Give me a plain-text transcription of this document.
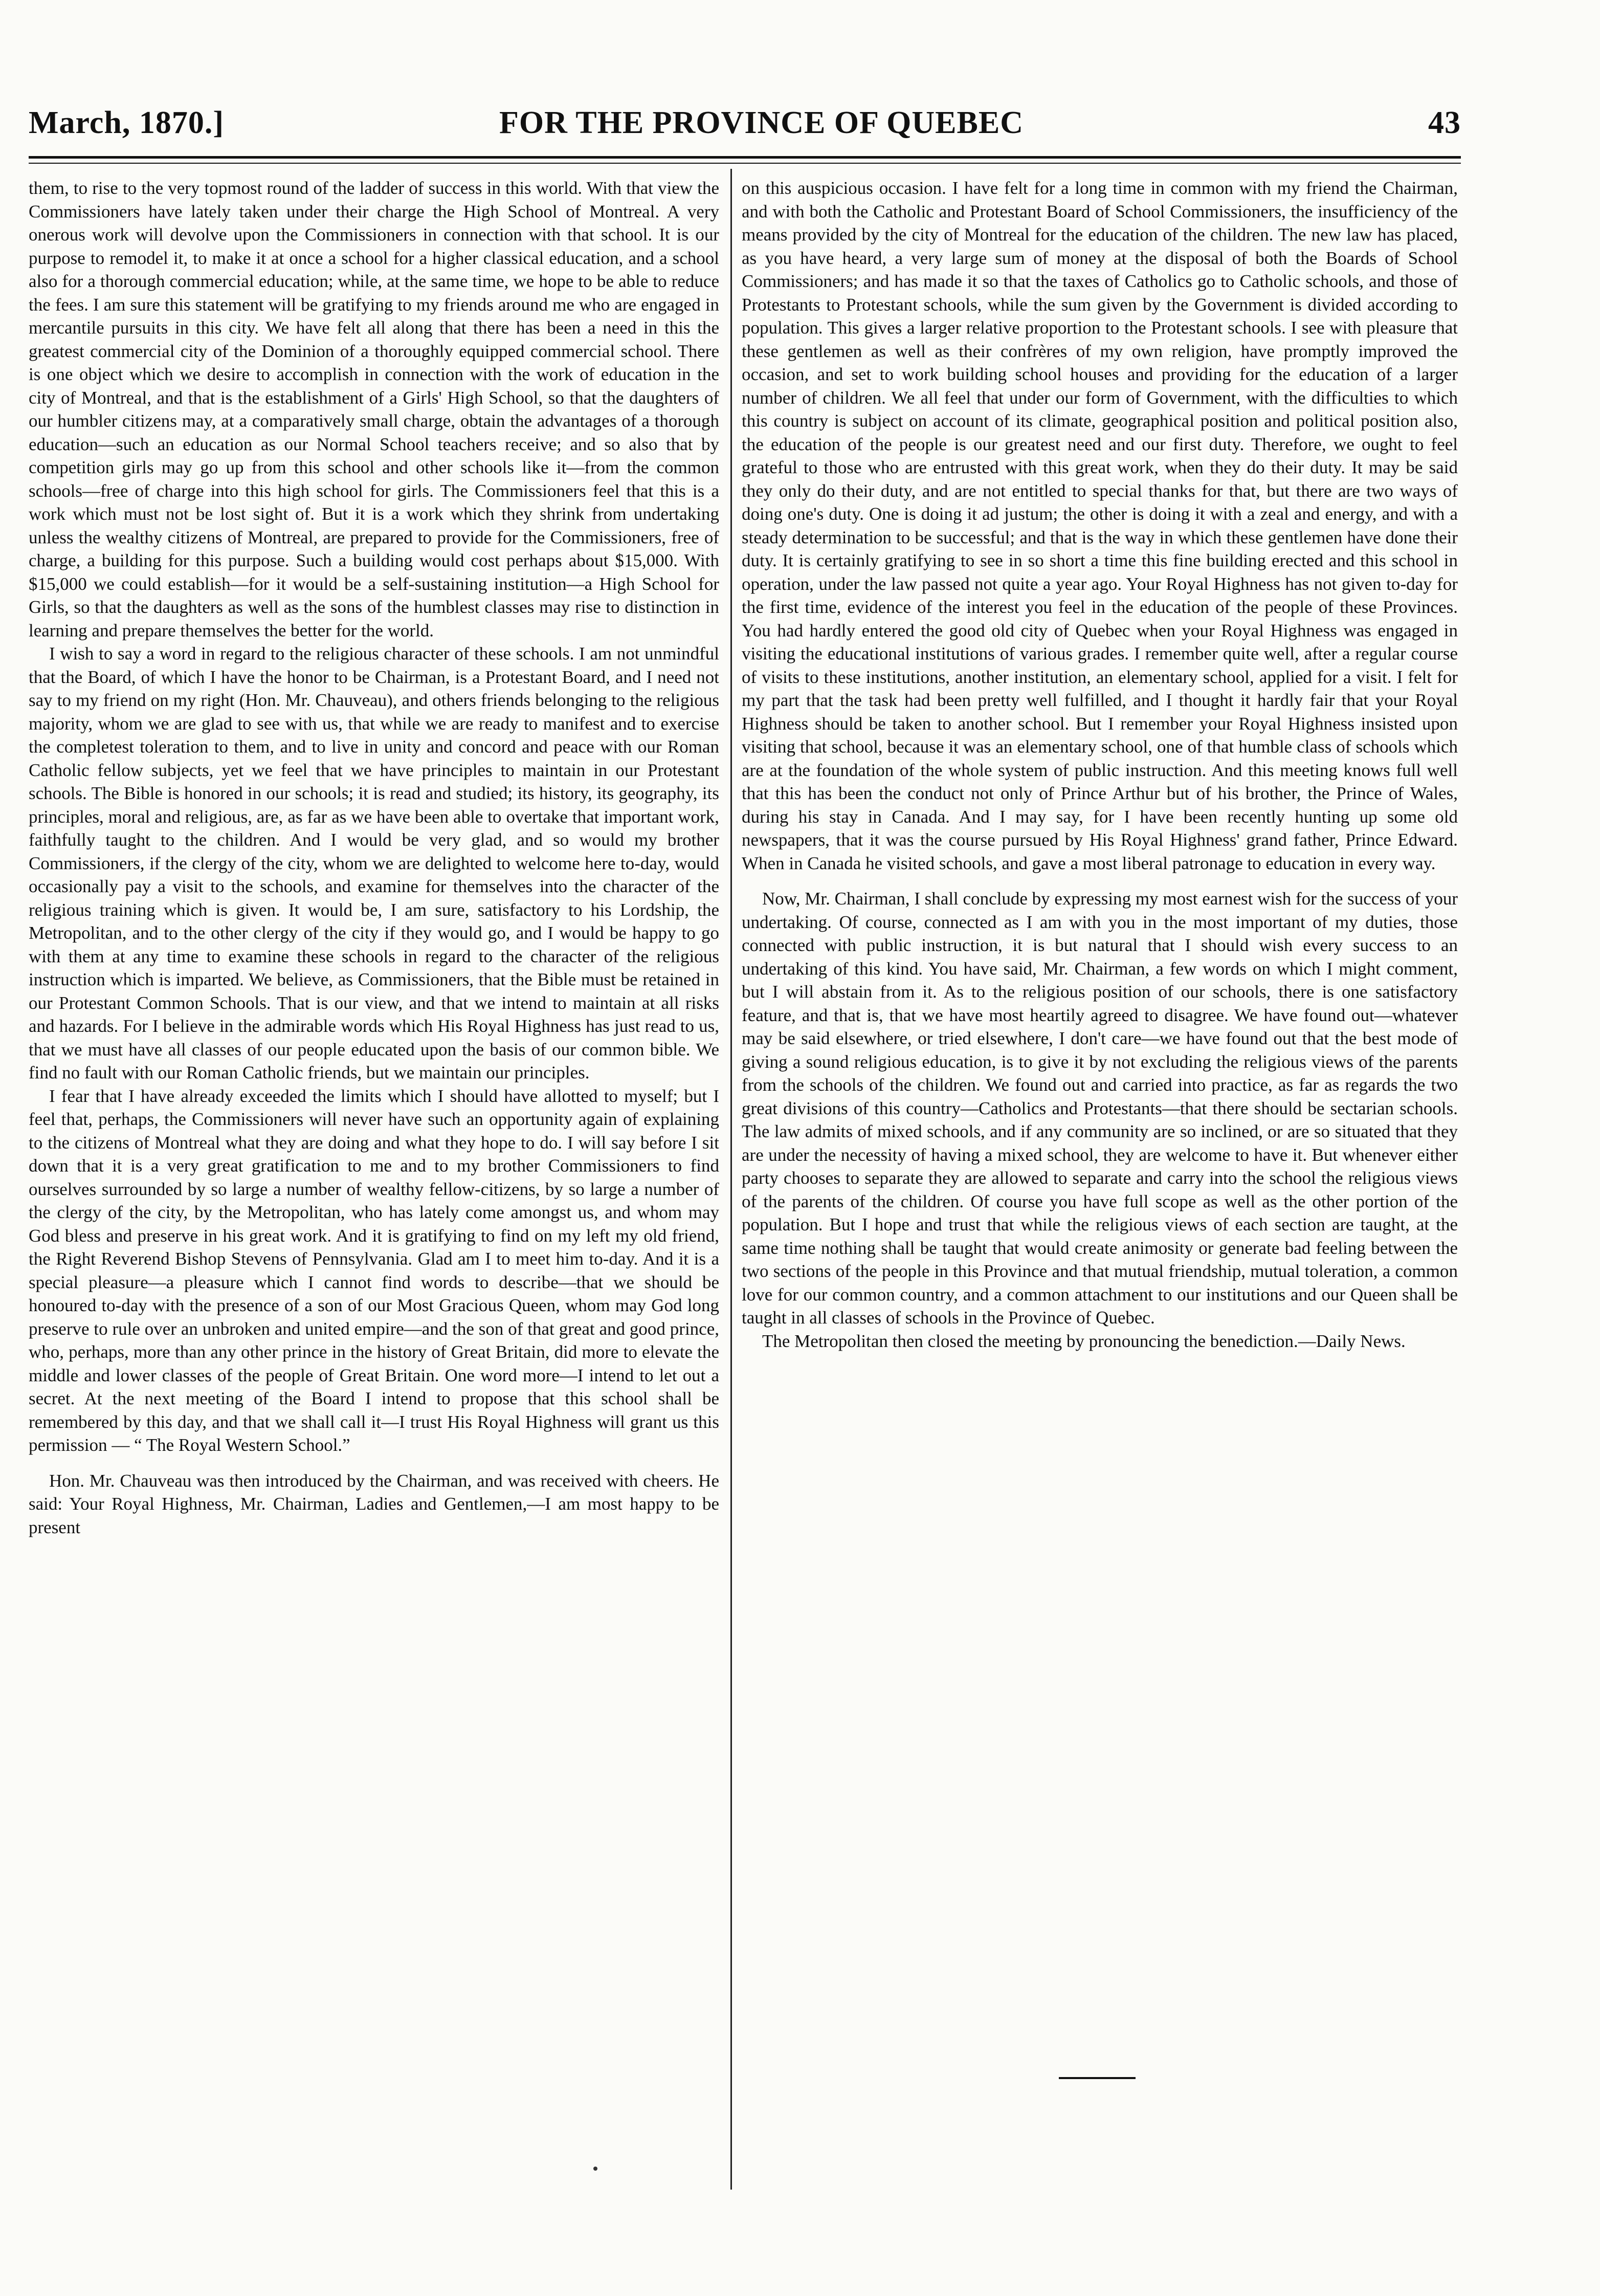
March, 1870.]	FOR THE PROVINCE OF QUEBEC	43

them, to rise to the very topmost round of the ladder of success in this world. With that view the Commissioners have lately taken under their charge the High School of Montreal. A very onerous work will devolve upon the Commissioners in connection with that school. It is our purpose to remodel it, to make it at once a school for a higher classical education, and a school also for a thorough commercial education; while, at the same time, we hope to be able to reduce the fees. I am sure this statement will be gratifying to my friends around me who are engaged in mercantile pursuits in this city. We have felt all along that there has been a need in this the greatest commercial city of the Dominion of a thoroughly equipped commercial school. There is one object which we desire to accomplish in connection with the work of education in the city of Montreal, and that is the establishment of a Girls' High School, so that the daughters of our humbler citizens may, at a comparatively small charge, obtain the advantages of a thorough education—such an education as our Normal School teachers receive; and so also that by competition girls may go up from this school and other schools like it—from the common schools—free of charge into this high school for girls. The Commissioners feel that this is a work which must not be lost sight of. But it is a work which they shrink from undertaking unless the wealthy citizens of Montreal, are prepared to provide for the Commissioners, free of charge, a building for this purpose. Such a building would cost perhaps about $15,000. With $15,000 we could establish—for it would be a self-sustaining institution—a High School for Girls, so that the daughters as well as the sons of the humblest classes may rise to distinction in learning and prepare themselves the better for the world.

I wish to say a word in regard to the religious character of these schools. I am not unmindful that the Board, of which I have the honor to be Chairman, is a Protestant Board, and I need not say to my friend on my right (Hon. Mr. Chauveau), and others friends belonging to the religious majority, whom we are glad to see with us, that while we are ready to manifest and to exercise the completest toleration to them, and to live in unity and concord and peace with our Roman Catholic fellow subjects, yet we feel that we have principles to maintain in our Protestant schools. The Bible is honored in our schools; it is read and studied; its history, its geography, its principles, moral and religious, are, as far as we have been able to overtake that important work, faithfully taught to the children. And I would be very glad, and so would my brother Commissioners, if the clergy of the city, whom we are delighted to welcome here to-day, would occasionally pay a visit to the schools, and examine for themselves into the character of the religious training which is given. It would be, I am sure, satisfactory to his Lordship, the Metropolitan, and to the other clergy of the city if they would go, and I would be happy to go with them at any time to examine these schools in regard to the character of the religious instruction which is imparted. We believe, as Commissioners, that the Bible must be retained in our Protestant Common Schools. That is our view, and that we intend to maintain at all risks and hazards. For I believe in the admirable words which His Royal Highness has just read to us, that we must have all classes of our people educated upon the basis of our common bible. We find no fault with our Roman Catholic friends, but we maintain our principles.

I fear that I have already exceeded the limits which I should have allotted to myself; but I feel that, perhaps, the Commissioners will never have such an opportunity again of explaining to the citizens of Montreal what they are doing and what they hope to do. I will say before I sit down that it is a very great gratification to me and to my brother Commissioners to find ourselves surrounded by so large a number of wealthy fellow-citizens, by so large a number of the clergy of the city, by the Metropolitan, who has lately come amongst us, and whom may God bless and preserve in his great work. And it is gratifying to find on my left my old friend, the Right Reverend Bishop Stevens of Pennsylvania. Glad am I to meet him to-day. And it is a special pleasure—a pleasure which I cannot find words to describe—that we should be honoured to-day with the presence of a son of our Most Gracious Queen, whom may God long preserve to rule over an unbroken and united empire—and the son of that great and good prince, who, perhaps, more than any other prince in the history of Great Britain, did more to elevate the middle and lower classes of the people of Great Britain. One word more—I intend to let out a secret. At the next meeting of the Board I intend to propose that this school shall be remembered by this day, and that we shall call it—I trust His Royal Highness will grant us this permission — “ The Royal Western School.”

Hon. Mr. Chauveau was then introduced by the Chairman, and was received with cheers. He said: Your Royal Highness, Mr. Chairman, Ladies and Gentlemen,—I am most happy to be present

on this auspicious occasion. I have felt for a long time in common with my friend the Chairman, and with both the Catholic and Protestant Board of School Commissioners, the insufficiency of the means provided by the city of Montreal for the education of the children. The new law has placed, as you have heard, a very large sum of money at the disposal of both the Boards of School Commissioners; and has made it so that the taxes of Catholics go to Catholic schools, and those of Protestants to Protestant schools, while the sum given by the Government is divided according to population. This gives a larger relative proportion to the Protestant schools. I see with pleasure that these gentlemen as well as their confrères of my own religion, have promptly improved the occasion, and set to work building school houses and providing for the education of a larger number of children. We all feel that under our form of Government, with the difficulties to which this country is subject on account of its climate, geographical position and political position also, the education of the people is our greatest need and our first duty. Therefore, we ought to feel grateful to those who are entrusted with this great work, when they do their duty. It may be said they only do their duty, and are not entitled to special thanks for that, but there are two ways of doing one's duty. One is doing it ad justum; the other is doing it with a zeal and energy, and with a steady determination to be successful; and that is the way in which these gentlemen have done their duty. It is certainly gratifying to see in so short a time this fine building erected and this school in operation, under the law passed not quite a year ago. Your Royal Highness has not given to-day for the first time, evidence of the interest you feel in the education of the people of these Provinces. You had hardly entered the good old city of Quebec when your Royal Highness was engaged in visiting the educational institutions of various grades. I remember quite well, after a regular course of visits to these institutions, another institution, an elementary school, applied for a visit. I felt for my part that the task had been pretty well fulfilled, and I thought it hardly fair that your Royal Highness should be taken to another school. But I remember your Royal Highness insisted upon visiting that school, because it was an elementary school, one of that humble class of schools which are at the foundation of the whole system of public instruction. And this meeting knows full well that this has been the conduct not only of Prince Arthur but of his brother, the Prince of Wales, during his stay in Canada. And I may say, for I have been recently hunting up some old newspapers, that it was the course pursued by His Royal Highness' grand father, Prince Edward. When in Canada he visited schools, and gave a most liberal patronage to education in every way.

Now, Mr. Chairman, I shall conclude by expressing my most earnest wish for the success of your undertaking. Of course, connected as I am with you in the most important of my duties, those connected with public instruction, it is but natural that I should wish every success to an undertaking of this kind. You have said, Mr. Chairman, a few words on which I might comment, but I will abstain from it. As to the religious position of our schools, there is one satisfactory feature, and that is, that we have most heartily agreed to disagree. We have found out—whatever may be said elsewhere, or tried elsewhere, I don't care—we have found out that the best mode of giving a sound religious education, is to give it by not excluding the religious views of the parents from the schools of the children. We found out and carried into practice, as far as regards the two great divisions of this country—Catholics and Protestants—that there should be sectarian schools. The law admits of mixed schools, and if any community are so inclined, or are so situated that they are under the necessity of having a mixed school, they are welcome to have it. But whenever either party chooses to separate they are allowed to separate and carry into the school the religious views of the parents of the children. Of course you have full scope as well as the other portion of the population. But I hope and trust that while the religious views of each section are taught, at the same time nothing shall be taught that would create animosity or generate bad feeling between the two sections of the people in this Province and that mutual friendship, mutual toleration, a common love for our common country, and a common attachment to our institutions and our Queen shall be taught in all classes of schools in the Province of Quebec.

The Metropolitan then closed the meeting by pronouncing the benediction.—Daily News.
